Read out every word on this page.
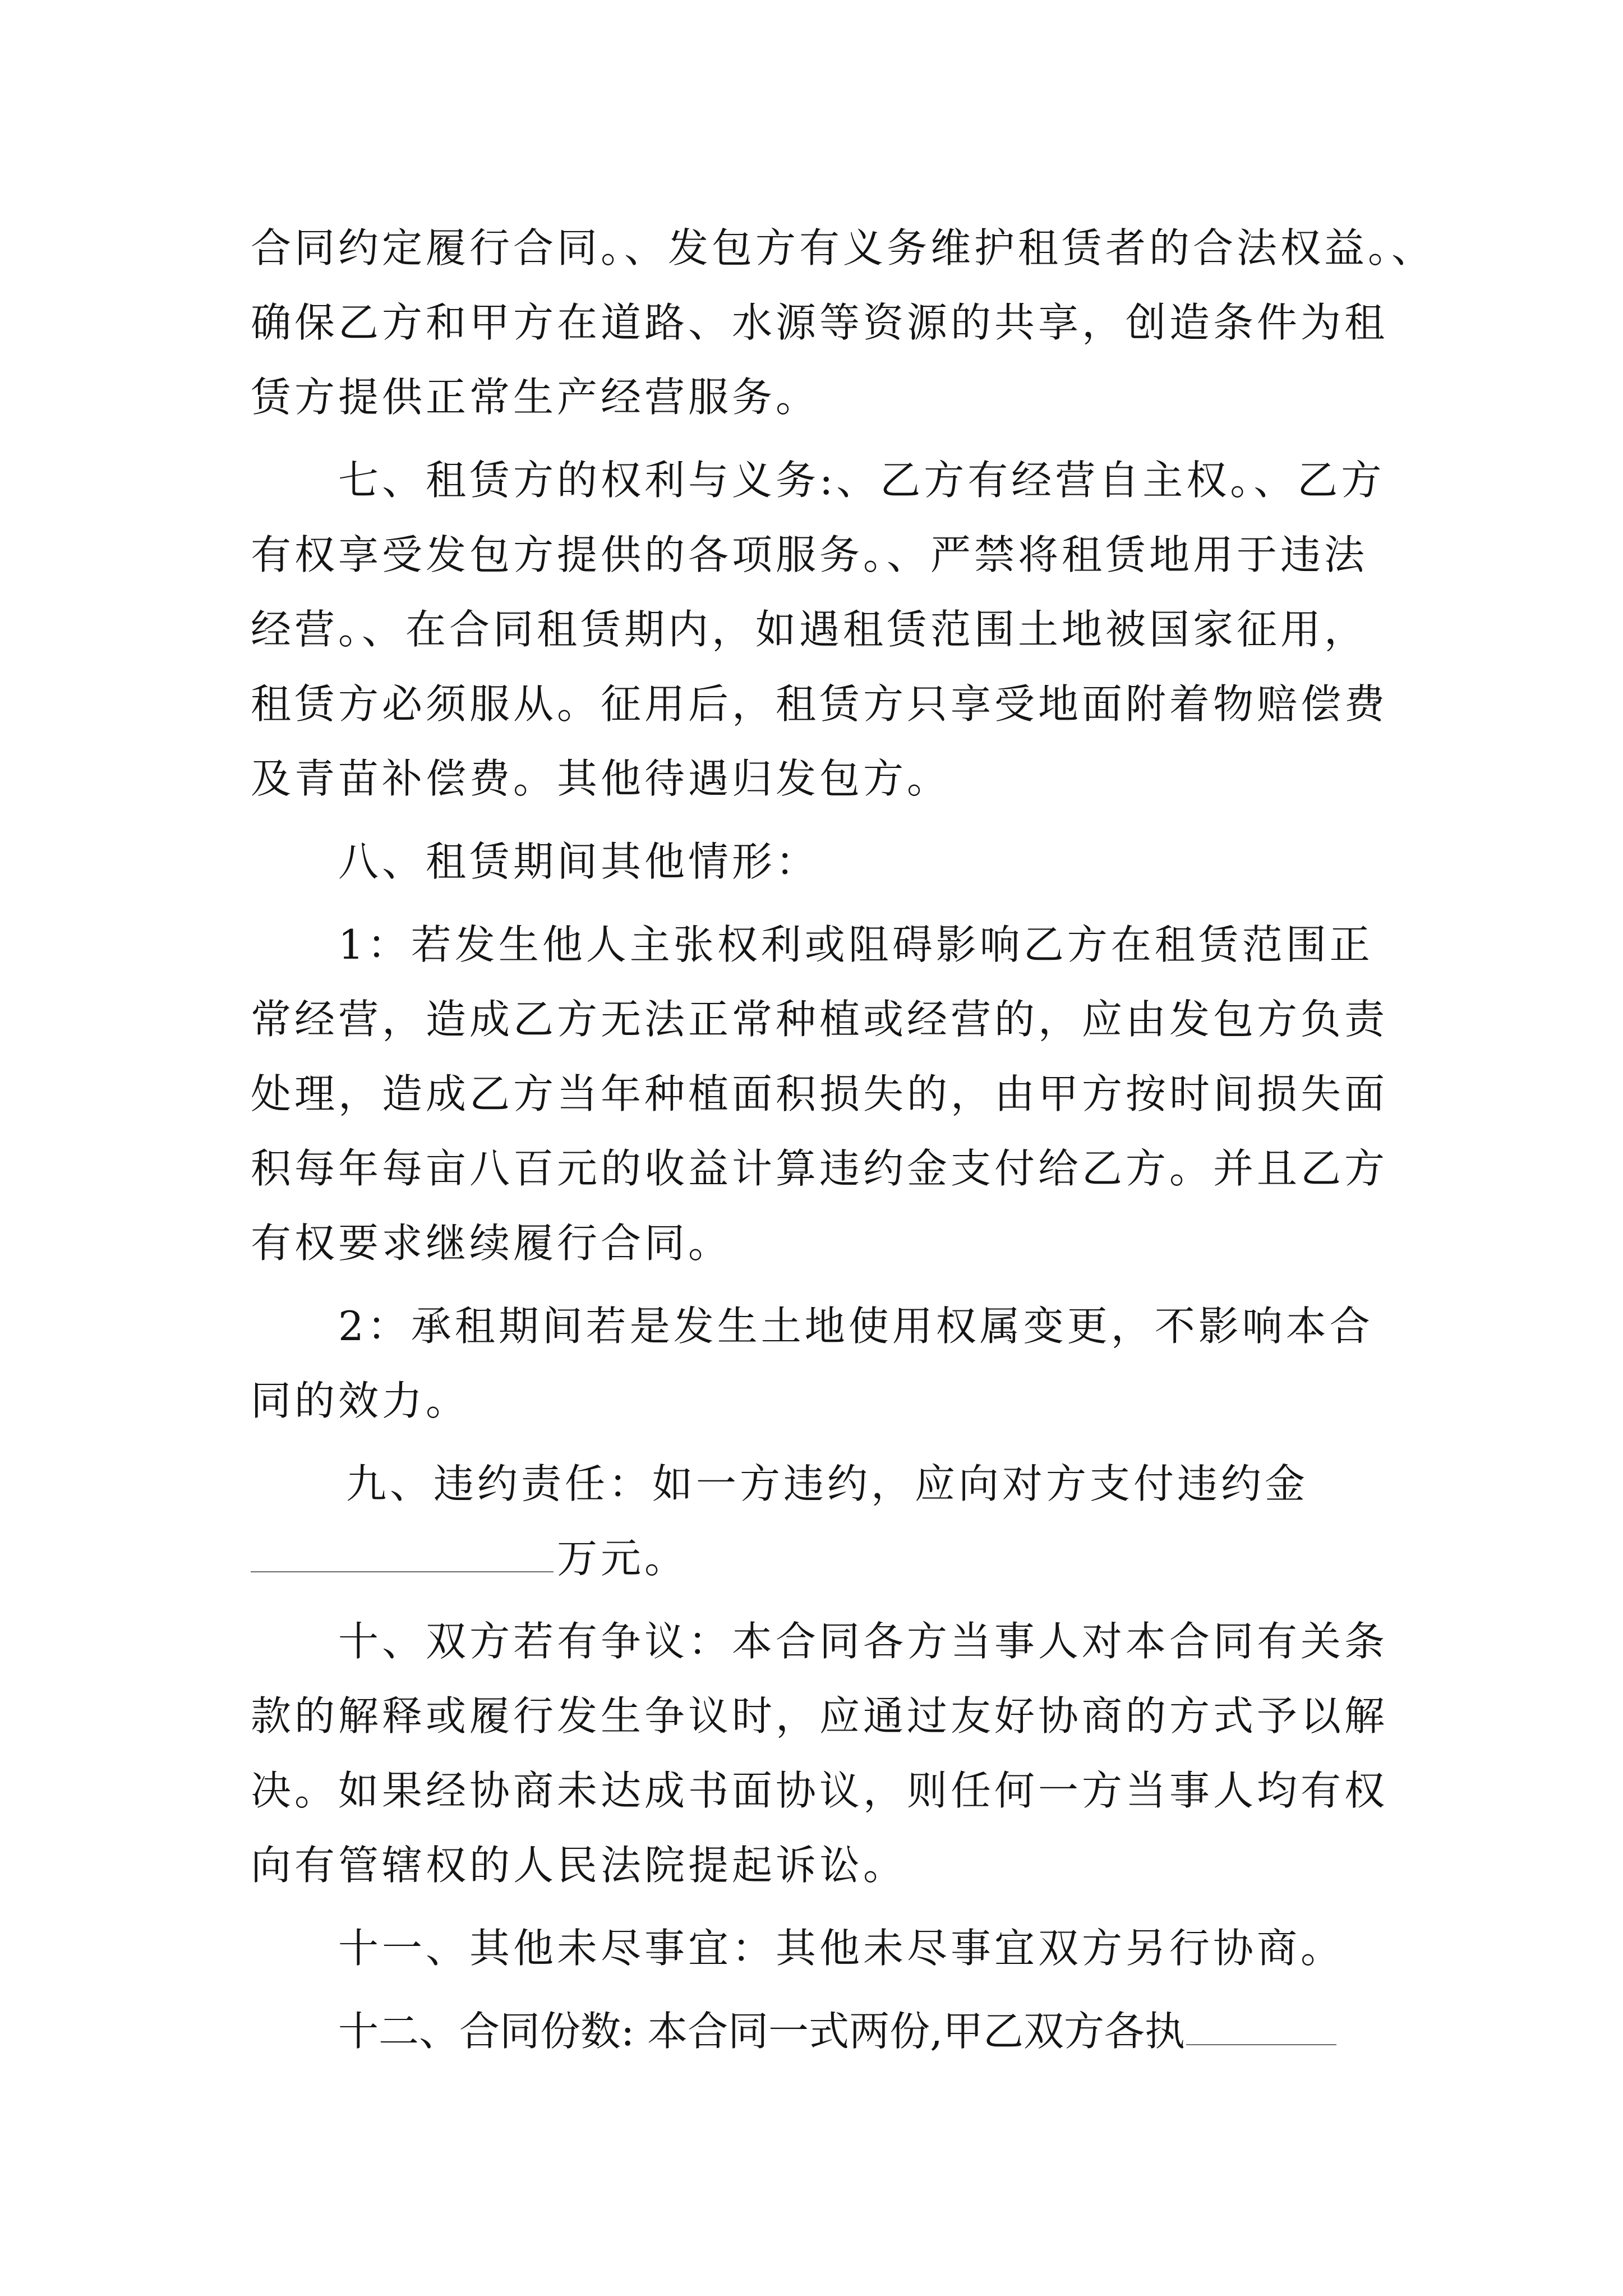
合同约定履行合同。、发包方有义务维护租赁者的合法权益。、
确保乙方和甲方在道路、水源等资源的共享，创造条件为租
赁方提供正常生产经营服务。
七、租赁方的权利与义务:、乙方有经营自主权。、乙方
有权享受发包方提供的各项服务。、严禁将租赁地用于违法
经营。、在合同租赁期内，如遇租赁范围土地被国家征用，
租赁方必须服从。征用后，租赁方只享受地面附着物赔偿费
及青苗补偿费。其他待遇归发包方。
八、租赁期间其他情形：
1：若发生他人主张权利或阻碍影响乙方在租赁范围正
常经营，造成乙方无法正常种植或经营的，应由发包方负责
处理，造成乙方当年种植面积损失的，由甲方按时间损失面
积每年每亩八百元的收益计算违约金支付给乙方。并且乙方
有权要求继续履行合同。
2：承租期间若是发生土地使用权属变更，不影响本合
同的效力。
九、违约责任：如一方违约，应向对方支付违约金
万元。
十、双方若有争议：本合同各方当事人对本合同有关条
款的解释或履行发生争议时，应通过友好协商的方式予以解
决。如果经协商未达成书面协议，则任何一方当事人均有权
向有管辖权的人民法院提起诉讼。
十一、其他未尽事宜：其他未尽事宜双方另行协商。
十二、合同份数: 本合同一式两份,甲乙双方各执
